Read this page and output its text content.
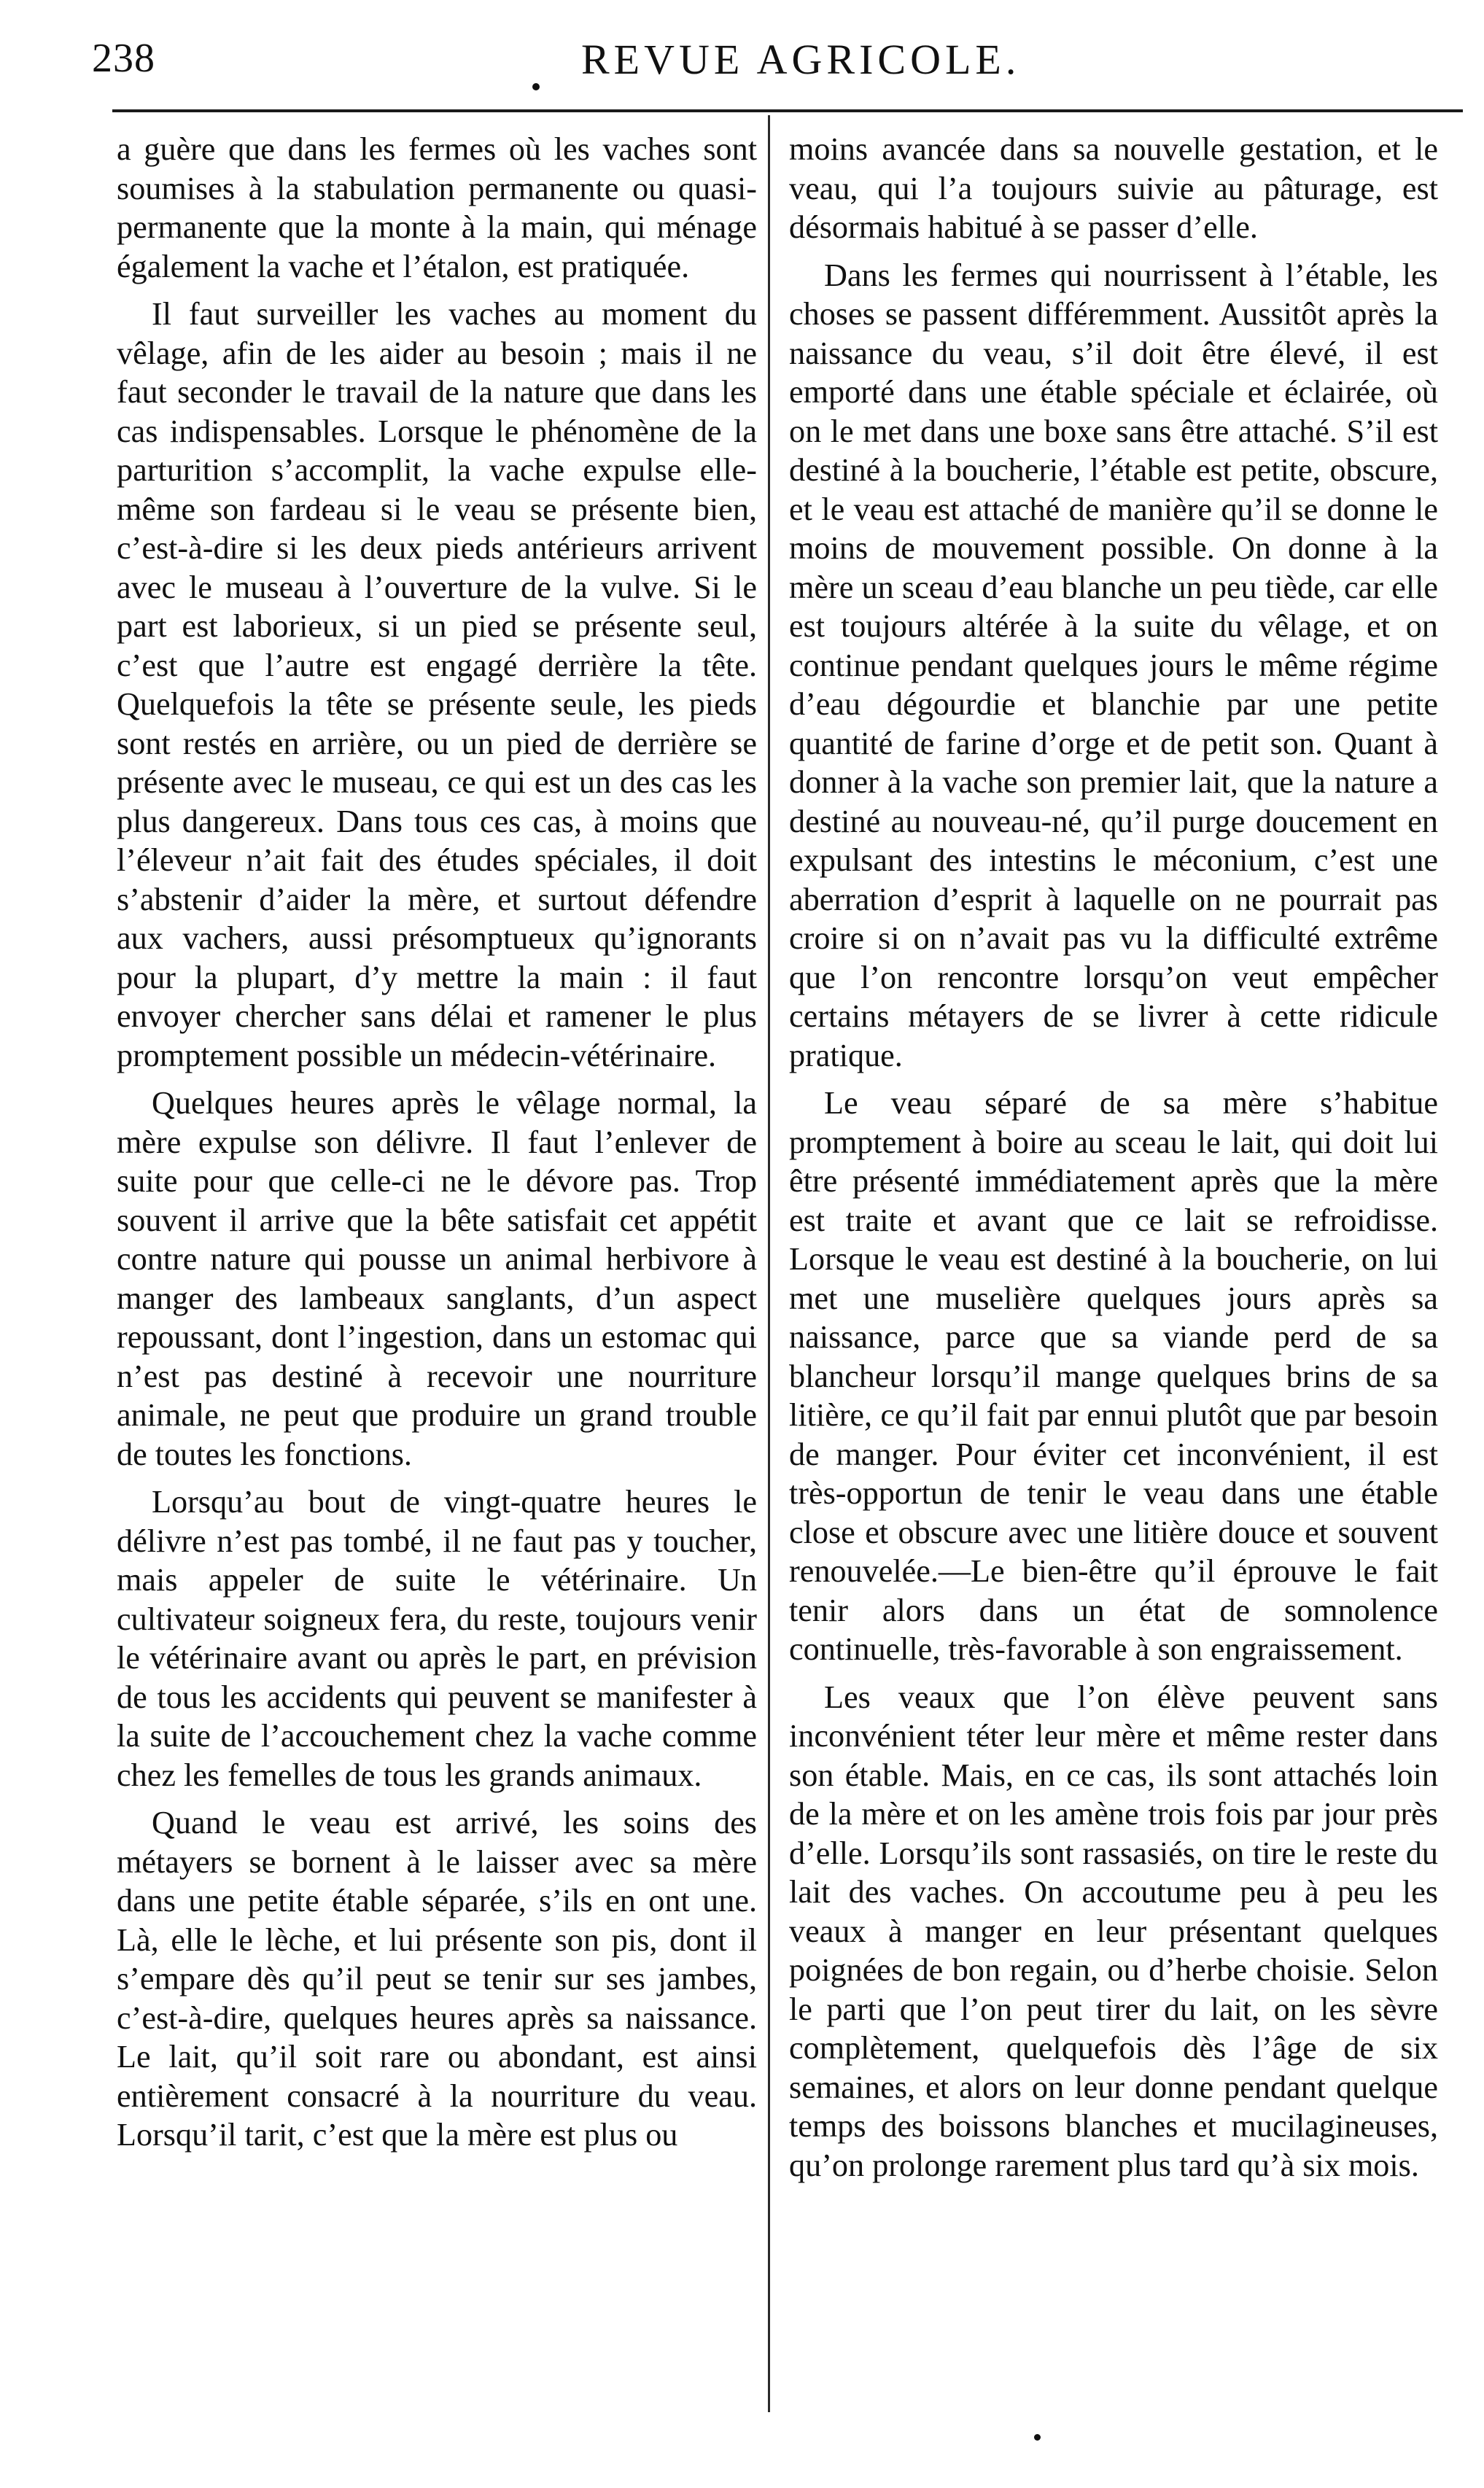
238	REVUE AGRICOLE.

a guère que dans les fermes où les vaches sont soumises à la stabulation permanente ou quasi-permanente que la monte à la main, qui ménage également la vache et l’étalon, est pratiquée.

Il faut surveiller les vaches au moment du vêlage, afin de les aider au besoin ; mais il ne faut seconder le travail de la nature que dans les cas indispensables. Lorsque le phénomène de la parturition s’accomplit, la vache expulse elle-même son fardeau si le veau se présente bien, c’est-à-dire si les deux pieds antérieurs arrivent avec le museau à l’ouverture de la vulve. Si le part est laborieux, si un pied se présente seul, c’est que l’autre est engagé derrière la tête. Quelquefois la tête se présente seule, les pieds sont restés en arrière, ou un pied de derrière se présente avec le museau, ce qui est un des cas les plus dangereux. Dans tous ces cas, à moins que l’éleveur n’ait fait des études spéciales, il doit s’abstenir d’aider la mère, et surtout défendre aux vachers, aussi présomptueux qu’ignorants pour la plupart, d’y mettre la main : il faut envoyer chercher sans délai et ramener le plus promptement possible un médecin-vétérinaire.

Quelques heures après le vêlage normal, la mère expulse son délivre. Il faut l’enlever de suite pour que celle-ci ne le dévore pas. Trop souvent il arrive que la bête satisfait cet appétit contre nature qui pousse un animal herbivore à manger des lambeaux sanglants, d’un aspect repoussant, dont l’ingestion, dans un estomac qui n’est pas destiné à recevoir une nourriture animale, ne peut que produire un grand trouble de toutes les fonctions.

Lorsqu’au bout de vingt-quatre heures le délivre n’est pas tombé, il ne faut pas y toucher, mais appeler de suite le vétérinaire. Un cultivateur soigneux fera, du reste, toujours venir le vétérinaire avant ou après le part, en prévision de tous les accidents qui peuvent se manifester à la suite de l’accouchement chez la vache comme chez les femelles de tous les grands animaux.

Quand le veau est arrivé, les soins des métayers se bornent à le laisser avec sa mère dans une petite étable séparée, s’ils en ont une. Là, elle le lèche, et lui présente son pis, dont il s’empare dès qu’il peut se tenir sur ses jambes, c’est-à-dire, quelques heures après sa naissance. Le lait, qu’il soit rare ou abondant, est ainsi entièrement consacré à la nourriture du veau. Lorsqu’il tarit, c’est que la mère est plus ou

moins avancée dans sa nouvelle gestation, et le veau, qui l’a toujours suivie au pâturage, est désormais habitué à se passer d’elle.

Dans les fermes qui nourrissent à l’étable, les choses se passent différemment. Aussitôt après la naissance du veau, s’il doit être élevé, il est emporté dans une étable spéciale et éclairée, où on le met dans une boxe sans être attaché. S’il est destiné à la boucherie, l’étable est petite, obscure, et le veau est attaché de manière qu’il se donne le moins de mouvement possible. On donne à la mère un sceau d’eau blanche un peu tiède, car elle est toujours altérée à la suite du vêlage, et on continue pendant quelques jours le même régime d’eau dégourdie et blanchie par une petite quantité de farine d’orge et de petit son. Quant à donner à la vache son premier lait, que la nature a destiné au nouveau-né, qu’il purge doucement en expulsant des intestins le méconium, c’est une aberration d’esprit à laquelle on ne pourrait pas croire si on n’avait pas vu la difficulté extrême que l’on rencontre lorsqu’on veut empêcher certains métayers de se livrer à cette ridicule pratique.

Le veau séparé de sa mère s’habitue promptement à boire au sceau le lait, qui doit lui être présenté immédiatement après que la mère est traite et avant que ce lait se refroidisse. Lorsque le veau est destiné à la boucherie, on lui met une muselière quelques jours après sa naissance, parce que sa viande perd de sa blancheur lorsqu’il mange quelques brins de sa litière, ce qu’il fait par ennui plutôt que par besoin de manger. Pour éviter cet inconvénient, il est très-opportun de tenir le veau dans une étable close et obscure avec une litière douce et souvent renouvelée.—Le bien-être qu’il éprouve le fait tenir alors dans un état de somnolence continuelle, très-favorable à son engraissement.

Les veaux que l’on élève peuvent sans inconvénient téter leur mère et même rester dans son étable. Mais, en ce cas, ils sont attachés loin de la mère et on les amène trois fois par jour près d’elle. Lorsqu’ils sont rassasiés, on tire le reste du lait des vaches. On accoutume peu à peu les veaux à manger en leur présentant quelques poignées de bon regain, ou d’herbe choisie. Selon le parti que l’on peut tirer du lait, on les sèvre complètement, quelquefois dès l’âge de six semaines, et alors on leur donne pendant quelque temps des boissons blanches et mucilagineuses, qu’on prolonge rarement plus tard qu’à six mois.
